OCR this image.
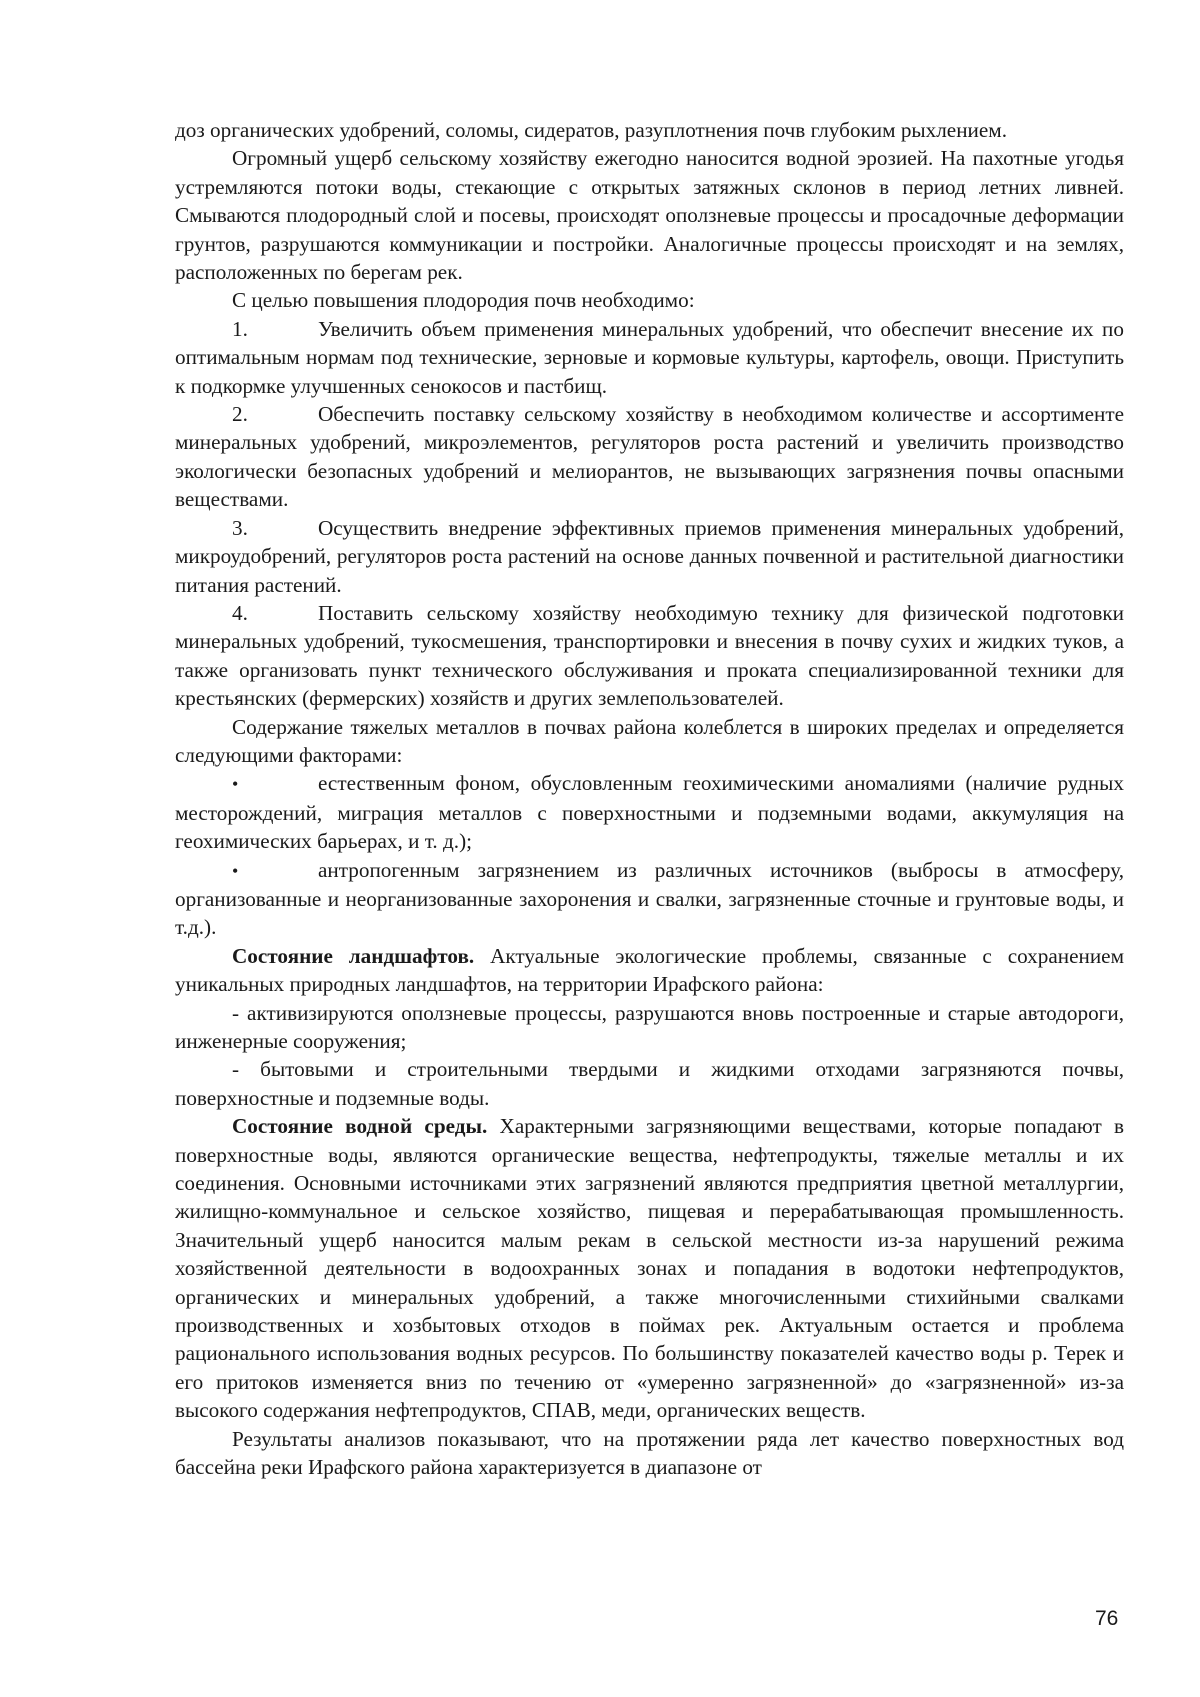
доз органических удобрений, соломы, сидератов, разуплотнения почв глубоким рыхлением.

Огромный ущерб сельскому хозяйству ежегодно наносится водной эрозией. На пахотные угодья устремляются потоки воды, стекающие с открытых затяжных склонов в период летних ливней. Смываются плодородный слой и посевы, происходят оползневые процессы и просадочные деформации грунтов, разрушаются коммуникации и постройки. Аналогичные процессы происходят и на землях, расположенных по берегам рек.

С целью повышения плодородия почв необходимо:

1.	Увеличить объем применения минеральных удобрений, что обеспечит внесение их по оптимальным нормам под технические, зерновые и кормовые культуры, картофель, овощи. Приступить к подкормке улучшенных сенокосов и пастбищ.

2.	Обеспечить поставку сельскому хозяйству в необходимом количестве и ассортименте минеральных удобрений, микроэлементов, регуляторов роста растений и увеличить производство экологически безопасных удобрений и мелиорантов, не вызывающих загрязнения почвы опасными веществами.

3.	Осуществить внедрение эффективных приемов применения минеральных удобрений, микроудобрений, регуляторов роста растений на основе данных почвенной и растительной диагностики питания растений.

4.	Поставить сельскому хозяйству необходимую технику для физической подготовки минеральных удобрений, тукосмешения, транспортировки и внесения в почву сухих и жидких туков, а также организовать пункт технического обслуживания и проката специализированной техники для крестьянских (фермерских) хозяйств и других землепользователей.

Содержание тяжелых металлов в почвах района колеблется в широких пределах и определяется следующими факторами:

•	естественным фоном, обусловленным геохимическими аномалиями (наличие рудных месторождений, миграция металлов с поверхностными и подземными водами, аккумуляция на геохимических барьерах, и т. д.);

•	антропогенным загрязнением из различных источников (выбросы в атмосферу, организованные и неорганизованные захоронения и свалки, загрязненные сточные и грунтовые воды, и т.д.).

Состояние ландшафтов. Актуальные экологические проблемы, связанные с сохранением уникальных природных ландшафтов, на территории Ирафского района:

- активизируются оползневые процессы, разрушаются вновь построенные и старые автодороги, инженерные сооружения;

- бытовыми и строительными твердыми и жидкими отходами загрязняются почвы, поверхностные и подземные воды.

Состояние водной среды. Характерными загрязняющими веществами, которые попадают в поверхностные воды, являются органические вещества, нефтепродукты, тяжелые металлы и их соединения. Основными источниками этих загрязнений являются предприятия цветной металлургии, жилищно-коммунальное и сельское хозяйство, пищевая и перерабатывающая промышленность. Значительный ущерб наносится малым рекам в сельской местности из-за нарушений режима хозяйственной деятельности в водоохранных зонах и попадания в водотоки нефтепродуктов, органических и минеральных удобрений, а также многочисленными стихийными свалками производственных и хозбытовых отходов в поймах рек. Актуальным остается и проблема рационального использования водных ресурсов. По большинству показателей качество воды р. Терек и его притоков изменяется вниз по течению от «умеренно загрязненной» до «загрязненной» из-за высокого содержания нефтепродуктов, СПАВ, меди, органических веществ.

Результаты анализов показывают, что на протяжении ряда лет качество поверхностных вод бассейна реки Ирафского района характеризуется в диапазоне от

76
